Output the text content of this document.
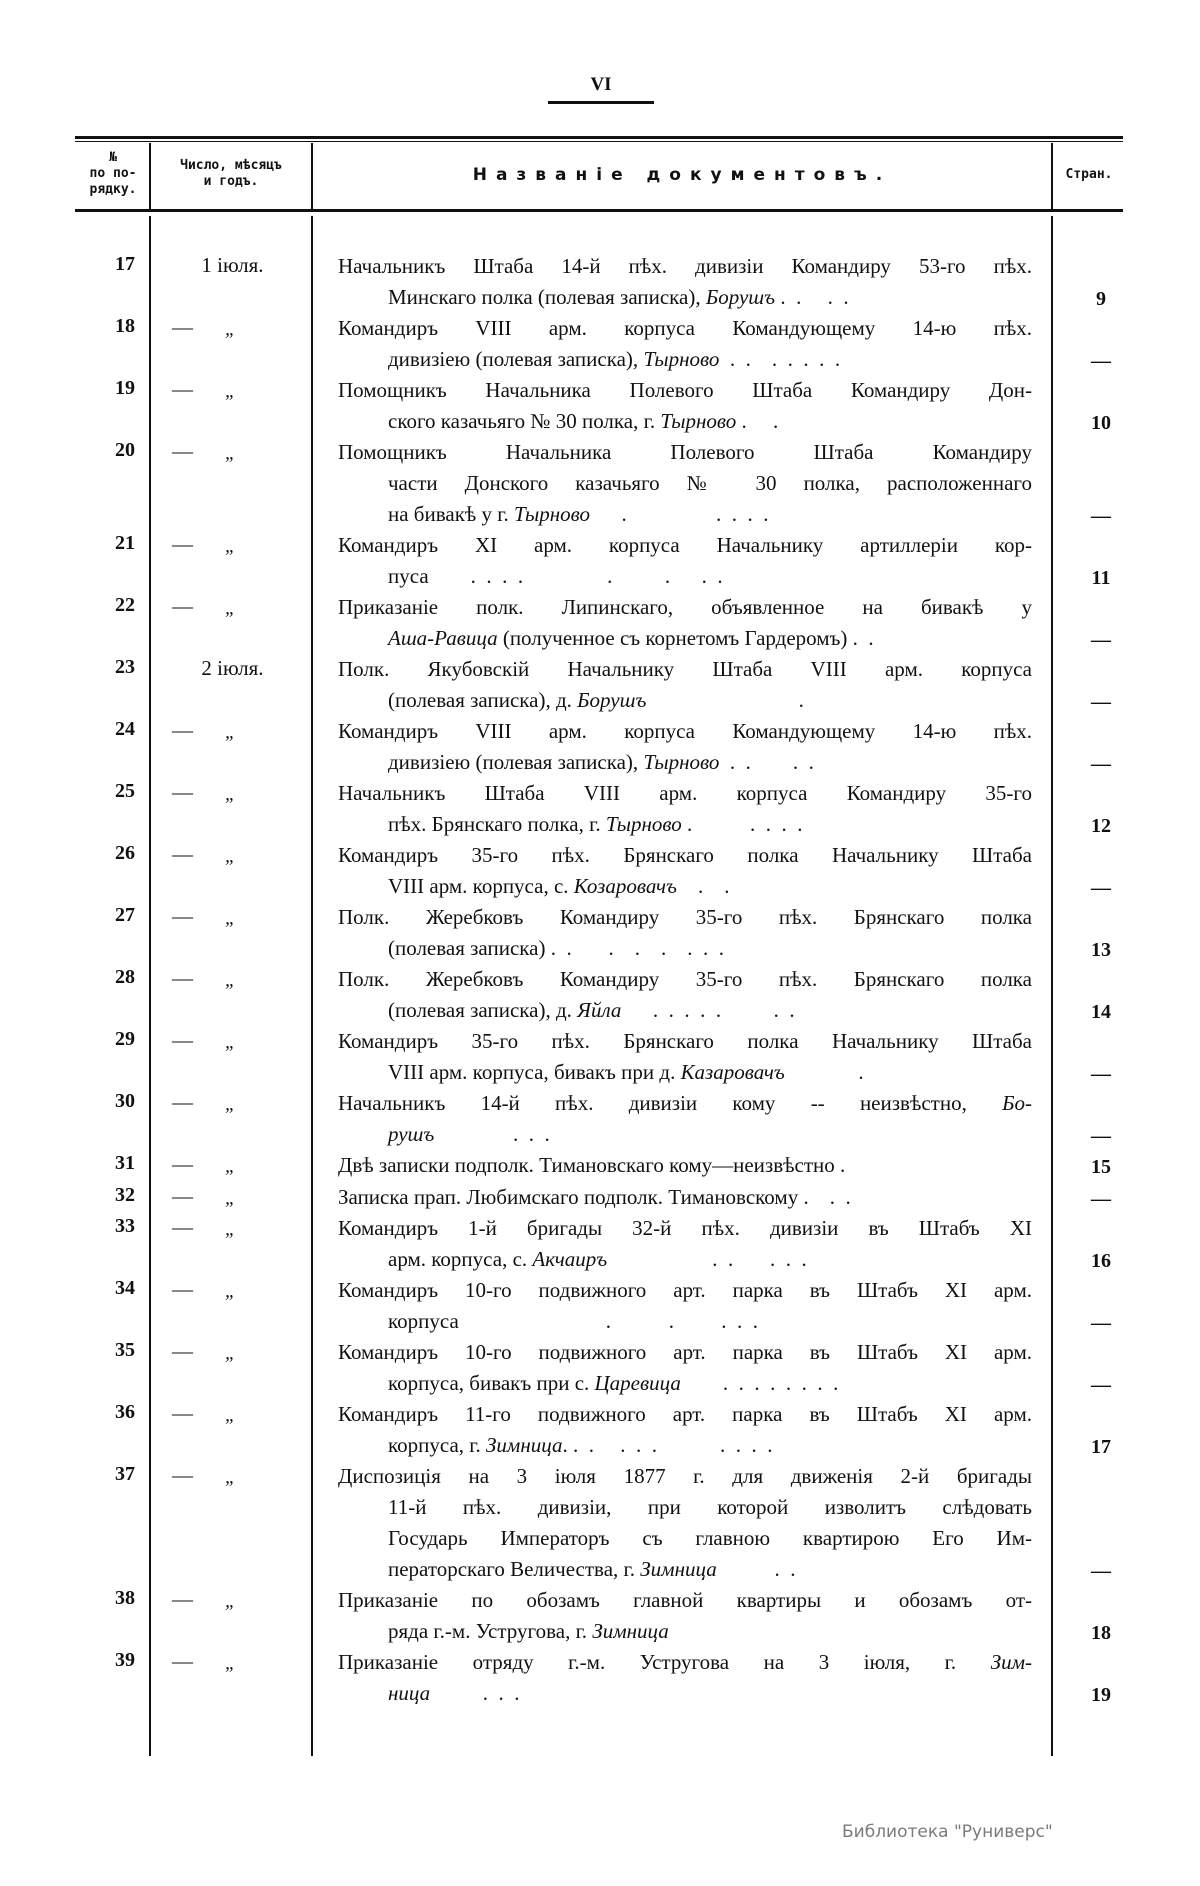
VI
№
по по-
рядку.
Число, мѣсяцъ
и годъ.	Названіе документовъ.	Стран.
17	1 іюля.	Начальникъ Штаба 14-й пѣх. дивизіи Командиру 53-го пѣх.
Минскаго полка (полевая записка), Борушъ .  .     .  .	9
18 — „	Командиръ VIII арм. корпуса Командующему 14-ю пѣх.
дивизіею (полевая записка), Тырново  .  .    .  .  .  .  .	—
19 — „	Помощникъ Начальника Полевого Штаба Командиру Дон-
ского казачьяго № 30 полка, г. Тырново .     .	10
20 — „	Помощникъ Начальника Полевого Штаба Командиру
части Донского казачьяго № 30 полка, расположеннаго
на бивакѣ у г. Тырново      .                 .  .  .  .	—
21 — „	Командиръ XI арм. корпуса Начальнику артиллеріи кор-
пуса        .  .  .  .                .          .      .  .	11
22 — „	Приказаніе полк. Липинскаго, объявленное на бивакѣ у
Аша-Равица (полученное съ корнетомъ Гардеромъ) .  .	—
23	2 іюля.	Полк. Якубовскій Начальнику Штаба VIII арм. корпуса
(полевая записка), д. Борушъ                             .	—
24 — „	Командиръ VIII арм. корпуса Командующему 14-ю пѣх.
дивизіею (полевая записка), Тырново  .  .        .  .	—
25 — „	Начальникъ Штаба VIII арм. корпуса Командиру 35-го
пѣх. Брянскаго полка, г. Тырново .           .  .  .  .	12
26 — „	Командиръ 35-го пѣх. Брянскаго полка Начальнику Штаба
VIII арм. корпуса, с. Козаровачъ    .    .	—
27 — „	Полк. Жеребковъ Командиру 35-го пѣх. Брянскаго полка
(полевая записка) .  .       .    .    .    .  .  .	13
28 — „	Полк. Жеребковъ Командиру 35-го пѣх. Брянскаго полка
(полевая записка), д. Яйла      .  .  .  .  .          .  .	14
29 — „	Командиръ 35-го пѣх. Брянскаго полка Начальнику Штаба
VIII арм. корпуса, бивакъ при д. Казаровачъ              .	—
30 — „	Начальникъ 14-й пѣх. дивизіи кому -- неизвѣстно, Бо-
рушъ               .  .  .	—
31 — „	Двѣ записки подполк. Тимановскаго кому—неизвѣстно .	15
32 — „	Записка прап. Любимскаго подполк. Тимановскому .    .  .	—
33 — „	Командиръ 1-й бригады 32-й пѣх. дивизіи въ Штабъ XI
арм. корпуса, с. Акчаиръ                    .  .       .  .  .	16
34 — „	Командиръ 10-го подвижного арт. парка въ Штабъ XI арм.
корпуса                            .           .         .  .  .	—
35 — „	Командиръ 10-го подвижного арт. парка въ Штабъ XI арм.
корпуса, бивакъ при с. Царевица        .  .  .  .  .  .  .  .	—
36 — „	Командиръ 11-го подвижного арт. парка въ Штабъ XI арм.
корпуса, г. Зимница. .  .     .  .  .            .  .  .  .	17
37 — „	Диспозиція на 3 іюля 1877 г. для движенія 2-й бригады
11-й пѣх. дивизіи, при которой изволитъ слѣдовать
Государь Императоръ съ главною квартирою Его Им-
ператорскаго Величества, г. Зимница           .  .	—
38 — „	Приказаніе по обозамъ главной квартиры и обозамъ от-
ряда г.-м. Устругова, г. Зимница	18
39 — „	Приказаніе отряду г.-м. Устругова на 3 іюля, г. Зим-
ница          .  .  .	19
Библиотека "Руниверс"
